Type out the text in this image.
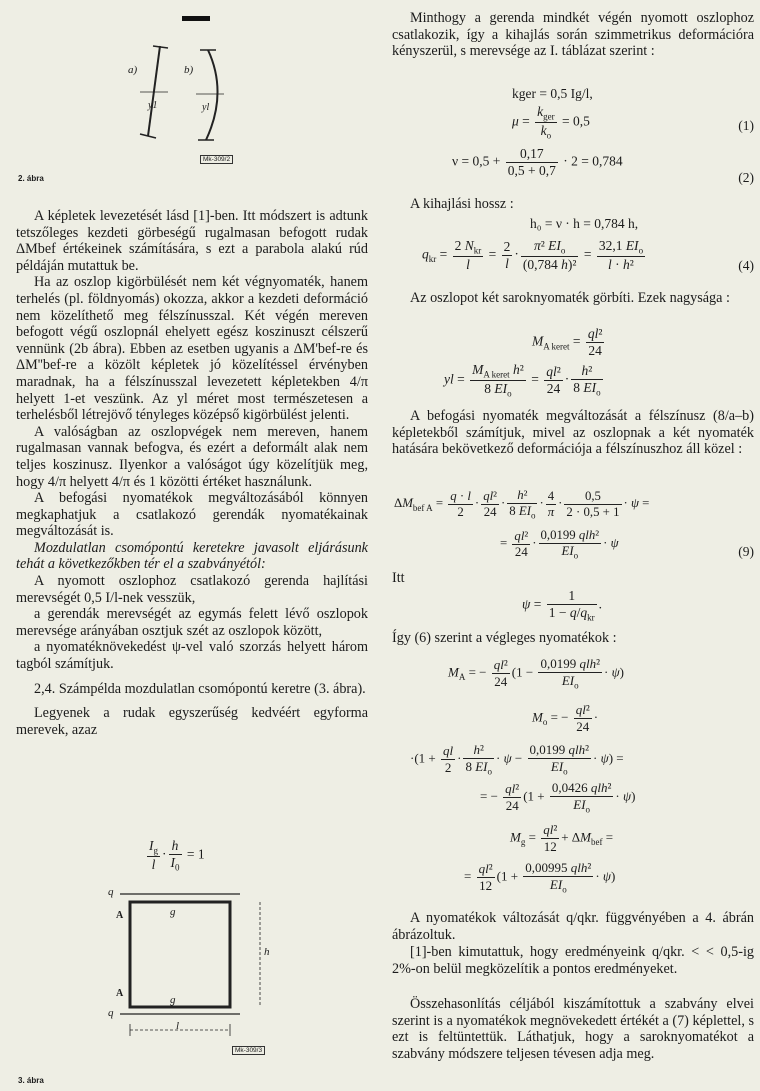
a)	b)
y1	yl
Mk-309/2
2. ábra

A képletek levezetését lásd [1]-ben. Itt módszert is adtunk tetszőleges kezdeti görbeségű rugalmasan befogott rudak ΔMbef értékeinek számítására, s ezt a parabola alakú rúd példáján mutattuk be.

Ha az oszlop kigörbülését nem két végnyomaték, hanem terhelés (pl. földnyomás) okozza, akkor a kezdeti deformáció nem közelíthető meg félszínusszal. Két végén mereven befogott végű oszlopnál ehelyett egész koszinuszt célszerű vennünk (2b ábra). Ebben az esetben ugyanis a ΔM'bef-re és ΔM''bef-re a közölt képletek jó közelítéssel érvényben maradnak, ha a félszínusszal levezetett képletekben 4/π helyett 1-et veszünk. Az yl méret most természetesen a terhelésből létrejövő tényleges középső kigörbülést jelenti.

A valóságban az oszlopvégek nem mereven, hanem rugalmasan vannak befogva, és ezért a deformált alak nem teljes koszinusz. Ilyenkor a valóságot úgy közelítjük meg, hogy 4/π helyett 4/π és 1 közötti értéket használunk.

A befogási nyomatékok megváltozásából könnyen megkaphatjuk a csatlakozó gerendák nyomatékainak megváltozását is.

Mozdulatlan csomópontú keretekre javasolt eljárásunk tehát a következőkben tér el a szabványétól:

A nyomott oszlophoz csatlakozó gerenda hajlítási merevségét 0,5 I/l-nek vesszük,

a gerendák merevségét az egymás felett lévő oszlopok merevsége arányában osztjuk szét az oszlopok között,

a nyomatéknövekedést ψ-vel való szorzás helyett három tagból számítjuk.

2,4. Számpélda mozdulatlan csomópontú keretre (3. ábra).

Legyenek a rudak egyszerűség kedvéért egyforma merevek, azaz

$\frac{I_g}{l} \cdot \frac{h}{I_0} = 1$
q
q
A
A
g
g
h
l
Mk-309/3
3. ábra
Minthogy a gerenda mindkét végén nyomott oszlophoz csatlakozik, így a kihajlás során szimmetrikus deformációra kényszerül, s merevsége az I. táblázat szerint :
kger = 0,5 Ig/l,
$\mu = \frac{k_{ger}}{k_o} = 0,5$	(1)
$\nu = 0,5 + \frac{0,17}{0,5 + 0,7} \cdot 2 = 0,784$
(2)
A kihajlási hossz :
h₀ = ν · h = 0,784 h,
$q_{kr} = \frac{2 N_{kr}}{l} = \frac{2}{l} \cdot \frac{\pi^2 EI_o}{\text{(0,784 h)²}} = \frac{32,1 EI_o}{\text{l · h²}}$	(4)
Az oszlopot két saroknyomaték görbíti. Ezek nagysága :
$M_{A keret} = \frac{\text{ql²}}{24}$
yl = $\frac{M_{A keret} h^2}{8 EI_o} = \frac{\text{ql²}}{24} \cdot \frac{\text{h²}}{8 EI_o}$
A befogási nyomaték megváltozását a félszínusz (8/a–b) képletekből számítjuk, mivel az oszlopnak a két nyomaték hatására bekövetkező deformációja a félszínuszhoz áll közel :
$\Delta M_{bef A} = \frac{q \cdot l}{2} \cdot \frac{\text{ql²}}{24} \cdot \frac{\text{h²}}{8 EI_o} \cdot \frac{4}{\pi} \cdot \frac{0,5}{2 \cdot 0,5 + 1} \cdot \psi$ =
= $\frac{\text{ql²}}{24} \cdot \frac{\text{0,0199 qlh²}}{EI_o} \cdot \psi$
(9)
Itt
$\psi = \frac{1}{1 - q/q_{kr}}$ .
Így (6) szerint a végleges nyomatékok :
$M_A$ = − $\frac{\text{ql²}}{24} (1 - \frac{\text{0,0199 qlh²}}{EI_o} \cdot \psi)$
$M_o$ = − $\frac{\text{ql²}}{24}$ ·
$\cdot(1 + \frac{ql}{2} \cdot \frac{\text{h²}}{8 EI_o} \cdot \psi - \frac{\text{0,0199 qlh²}}{EI_o} \cdot \psi)$ =
= − $\frac{\text{ql²}}{24} (1 + \frac{\text{0,0426 qlh²}}{EI_o} \cdot \psi)$
$M_g = \frac{\text{ql²}}{12} + \Delta M_{bef}$ =
= $\frac{\text{ql²}}{12} (1 + \frac{\text{0,00995 qlh²}}{EI_o} \cdot \psi)$
A nyomatékok változását q/qkr. függvényében a 4. ábrán ábrázoltuk.
[1]-ben kimutattuk, hogy eredményeink q/qkr. < < 0,5-ig 2%-on belül megközelítik a pontos eredményeket.
Összehasonlítás céljából kiszámítottuk a szabvány elvei szerint is a nyomatékok megnövekedett értékét a (7) képlettel, s ezt is feltüntettük. Láthatjuk, hogy a saroknyomatékot a szabvány módszere teljesen tévesen adja meg.
